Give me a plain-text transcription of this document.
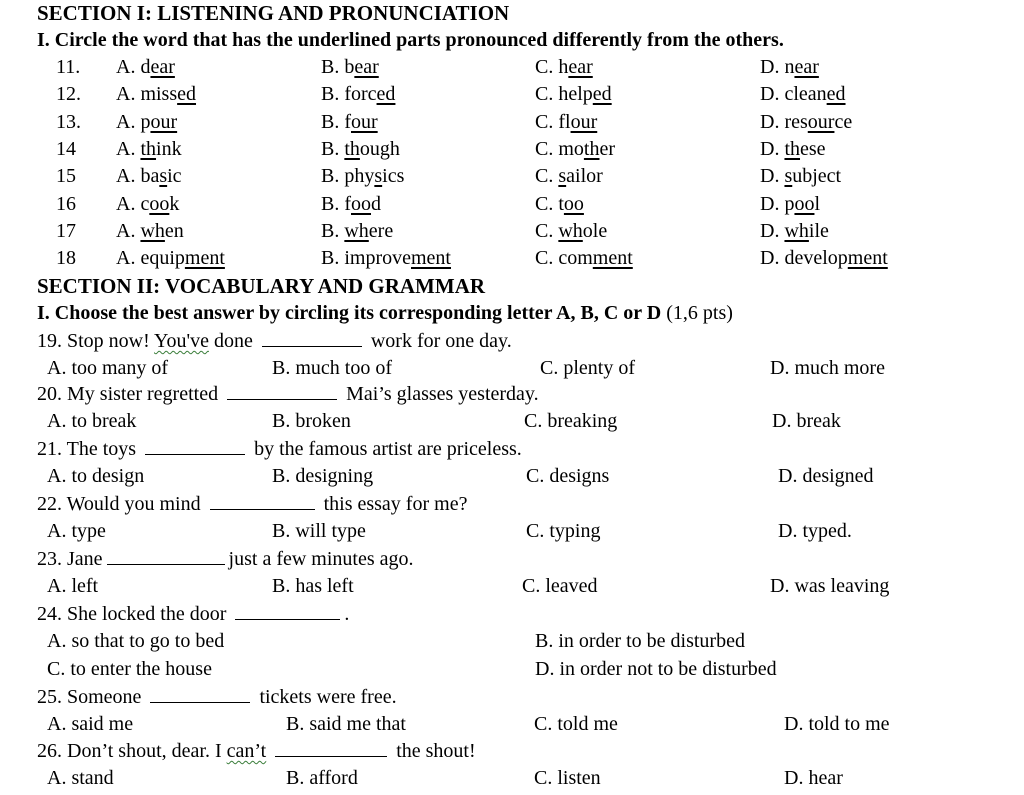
SECTION I: LISTENING AND PRONUNCIATION
I. Circle the word that has the underlined parts pronounced differently from the others.
11. A. dear	B. bear	C. hear	D. near
12. A. missed	B. forced	C. helped	D. cleaned
13. A. pour	B. four	C. flour	D. resource
14 A. think	B. though	C. mother	D. these
15 A. basic	B. physics	C. sailor	D. subject
16 A. cook	B. food	C. too	D. pool
17 A. when	B. where	C. whole	D. while
18 A. equipment	B. improvement	C. comment	D. development
SECTION II: VOCABULARY AND GRAMMAR
I. Choose the best answer by circling its corresponding letter A, B, C or D (1,6 pts)
19. Stop now! You've done	work for one day.
A. too many of	B. much too of	C. plenty of	D. much more
20. My sister regretted	Mai’s glasses yesterday.
A. to break	B. broken	C. breaking	D. break
21. The toys	by the famous artist are priceless.
A. to design	B. designing	C. designs	D. designed
22. Would you mind	this essay for me?
A. type	B. will type	C. typing	D. typed.
23. Jane	just a few minutes ago.
A. left	B. has left	C. leaved	D. was leaving
24. She locked the door	.
A. so that to go to bed	B. in order to be disturbed
C. to enter the house	D. in order not to be disturbed
25. Someone	tickets were free.
A. said me	B. said me that	C. told me	D. told to me
26. Don’t shout, dear. I can’t	the shout!
A. stand	B. afford	C. listen	D. hear
